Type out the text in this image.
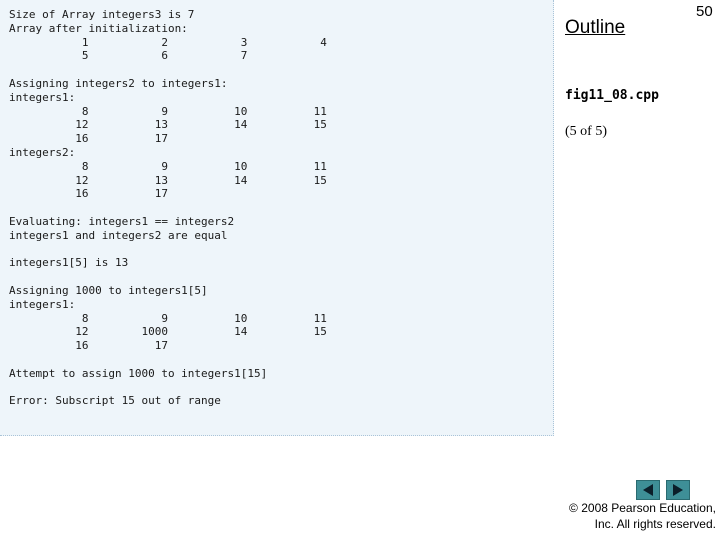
Size of Array integers3 is 7
Array after initialization:
1           2           3           4
5           6           7

Assigning integers2 to integers1:
integers1:
8           9          10          11
12          13          14          15
16          17
integers2:
8           9          10          11
12          13          14          15
16          17

Evaluating: integers1 == integers2
integers1 and integers2 are equal

integers1[5] is 13

Assigning 1000 to integers1[5]
integers1:
8           9          10          11
12        1000          14          15
16          17

Attempt to assign 1000 to integers1[15]

Error: Subscript 15 out of range
50
Outline
fig11_08.cpp
(5 of 5)
© 2008 Pearson Education,
Inc. All rights reserved.
